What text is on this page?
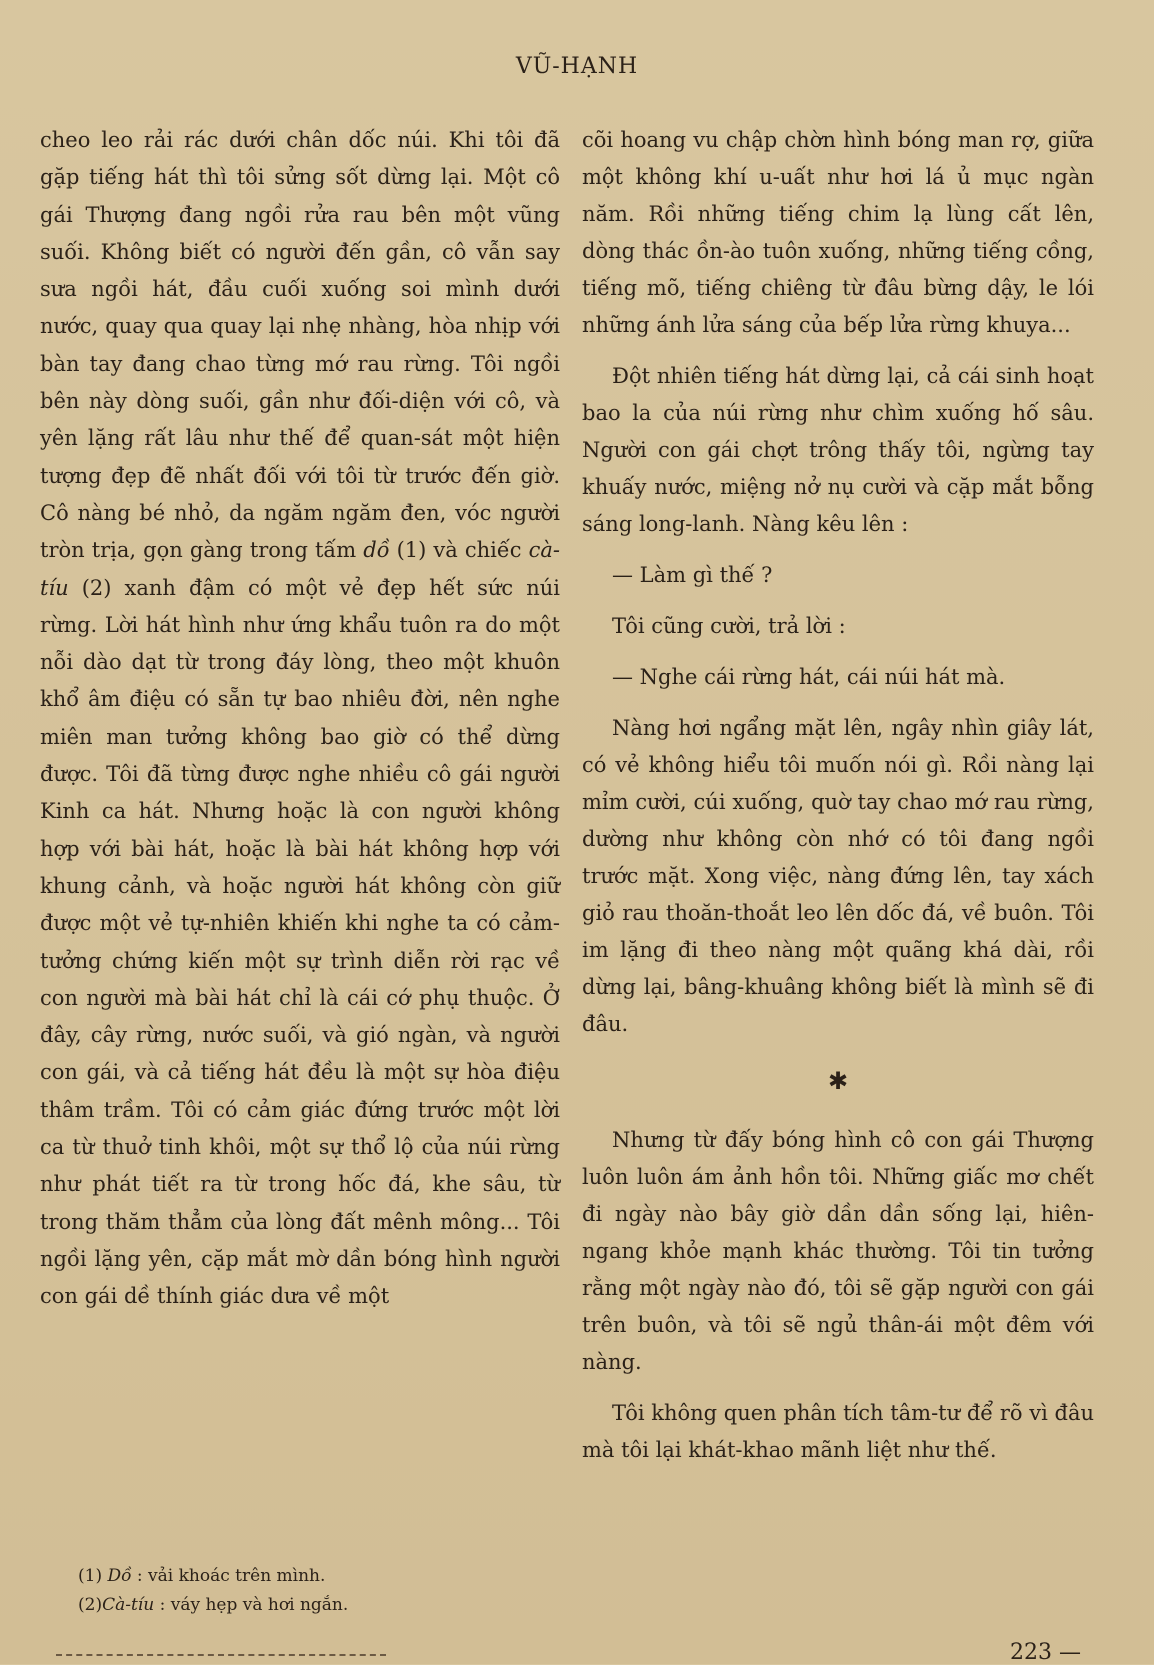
VŨ-HẠNH

cheo leo rải rác dưới chân dốc núi. Khi tôi đã gặp tiếng hát thì tôi sửng sốt dừng lại. Một cô gái Thượng đang ngồi rửa rau bên một vũng suối. Không biết có người đến gần, cô vẫn say sưa ngồi hát, đầu cuối xuống soi mình dưới nước, quay qua quay lại nhẹ nhàng, hòa nhịp với bàn tay đang chao từng mớ rau rừng. Tôi ngồi bên này dòng suối, gần như đối-diện với cô, và yên lặng rất lâu như thế để quan-sát một hiện tượng đẹp đẽ nhất đối với tôi từ trước đến giờ. Cô nàng bé nhỏ, da ngăm ngăm đen, vóc người tròn trịa, gọn gàng trong tấm dồ (1) và chiếc cà-tíu (2) xanh đậm có một vẻ đẹp hết sức núi rừng. Lời hát hình như ứng khẩu tuôn ra do một nỗi dào dạt từ trong đáy lòng, theo một khuôn khổ âm điệu có sẵn tự bao nhiêu đời, nên nghe miên man tưởng không bao giờ có thể dừng được. Tôi đã từng được nghe nhiều cô gái người Kinh ca hát. Nhưng hoặc là con người không hợp với bài hát, hoặc là bài hát không hợp với khung cảnh, và hoặc người hát không còn giữ được một vẻ tự-nhiên khiến khi nghe ta có cảm-tưởng chứng kiến một sự trình diễn rời rạc về con người mà bài hát chỉ là cái cớ phụ thuộc. Ở đây, cây rừng, nước suối, và gió ngàn, và người con gái, và cả tiếng hát đều là một sự hòa điệu thâm trầm. Tôi có cảm giác đứng trước một lời ca từ thuở tinh khôi, một sự thổ lộ của núi rừng như phát tiết ra từ trong hốc đá, khe sâu, từ trong thăm thẳm của lòng đất mênh mông... Tôi ngồi lặng yên, cặp mắt mờ dần bóng hình người con gái dề thính giác dưa về một

cõi hoang vu chập chờn hình bóng man rợ, giữa một không khí u-uất như hơi lá ủ mục ngàn năm. Rồi những tiếng chim lạ lùng cất lên, dòng thác ồn-ào tuôn xuống, những tiếng cồng, tiếng mõ, tiếng chiêng từ đâu bừng dậy, le lói những ánh lửa sáng của bếp lửa rừng khuya...

Đột nhiên tiếng hát dừng lại, cả cái sinh hoạt bao la của núi rừng như chìm xuống hố sâu. Người con gái chợt trông thấy tôi, ngừng tay khuấy nước, miệng nở nụ cười và cặp mắt bỗng sáng long-lanh. Nàng kêu lên :

— Làm gì thế ?

Tôi cũng cười, trả lời :

— Nghe cái rừng hát, cái núi hát mà.

Nàng hơi ngẩng mặt lên, ngây nhìn giây lát, có vẻ không hiểu tôi muốn nói gì. Rồi nàng lại mỉm cười, cúi xuống, quờ tay chao mớ rau rừng, dường như không còn nhớ có tôi đang ngồi trước mặt. Xong việc, nàng đứng lên, tay xách giỏ rau thoăn-thoắt leo lên dốc đá, về buôn. Tôi im lặng đi theo nàng một quãng khá dài, rồi dừng lại, bâng-khuâng không biết là mình sẽ đi đâu.

✱

Nhưng từ đấy bóng hình cô con gái Thượng luôn luôn ám ảnh hồn tôi. Những giấc mơ chết đi ngày nào bây giờ dần dần sống lại, hiên-ngang khỏe mạnh khác thường. Tôi tin tưởng rằng một ngày nào đó, tôi sẽ gặp người con gái trên buôn, và tôi sẽ ngủ thân-ái một đêm với nàng.

Tôi không quen phân tích tâm-tư để rõ vì đâu mà tôi lại khát-khao mãnh liệt như thế.

(1) Dồ : vải khoác trên mình.
(2)Cà-tíu : váy hẹp và hơi ngắn.
223 —
